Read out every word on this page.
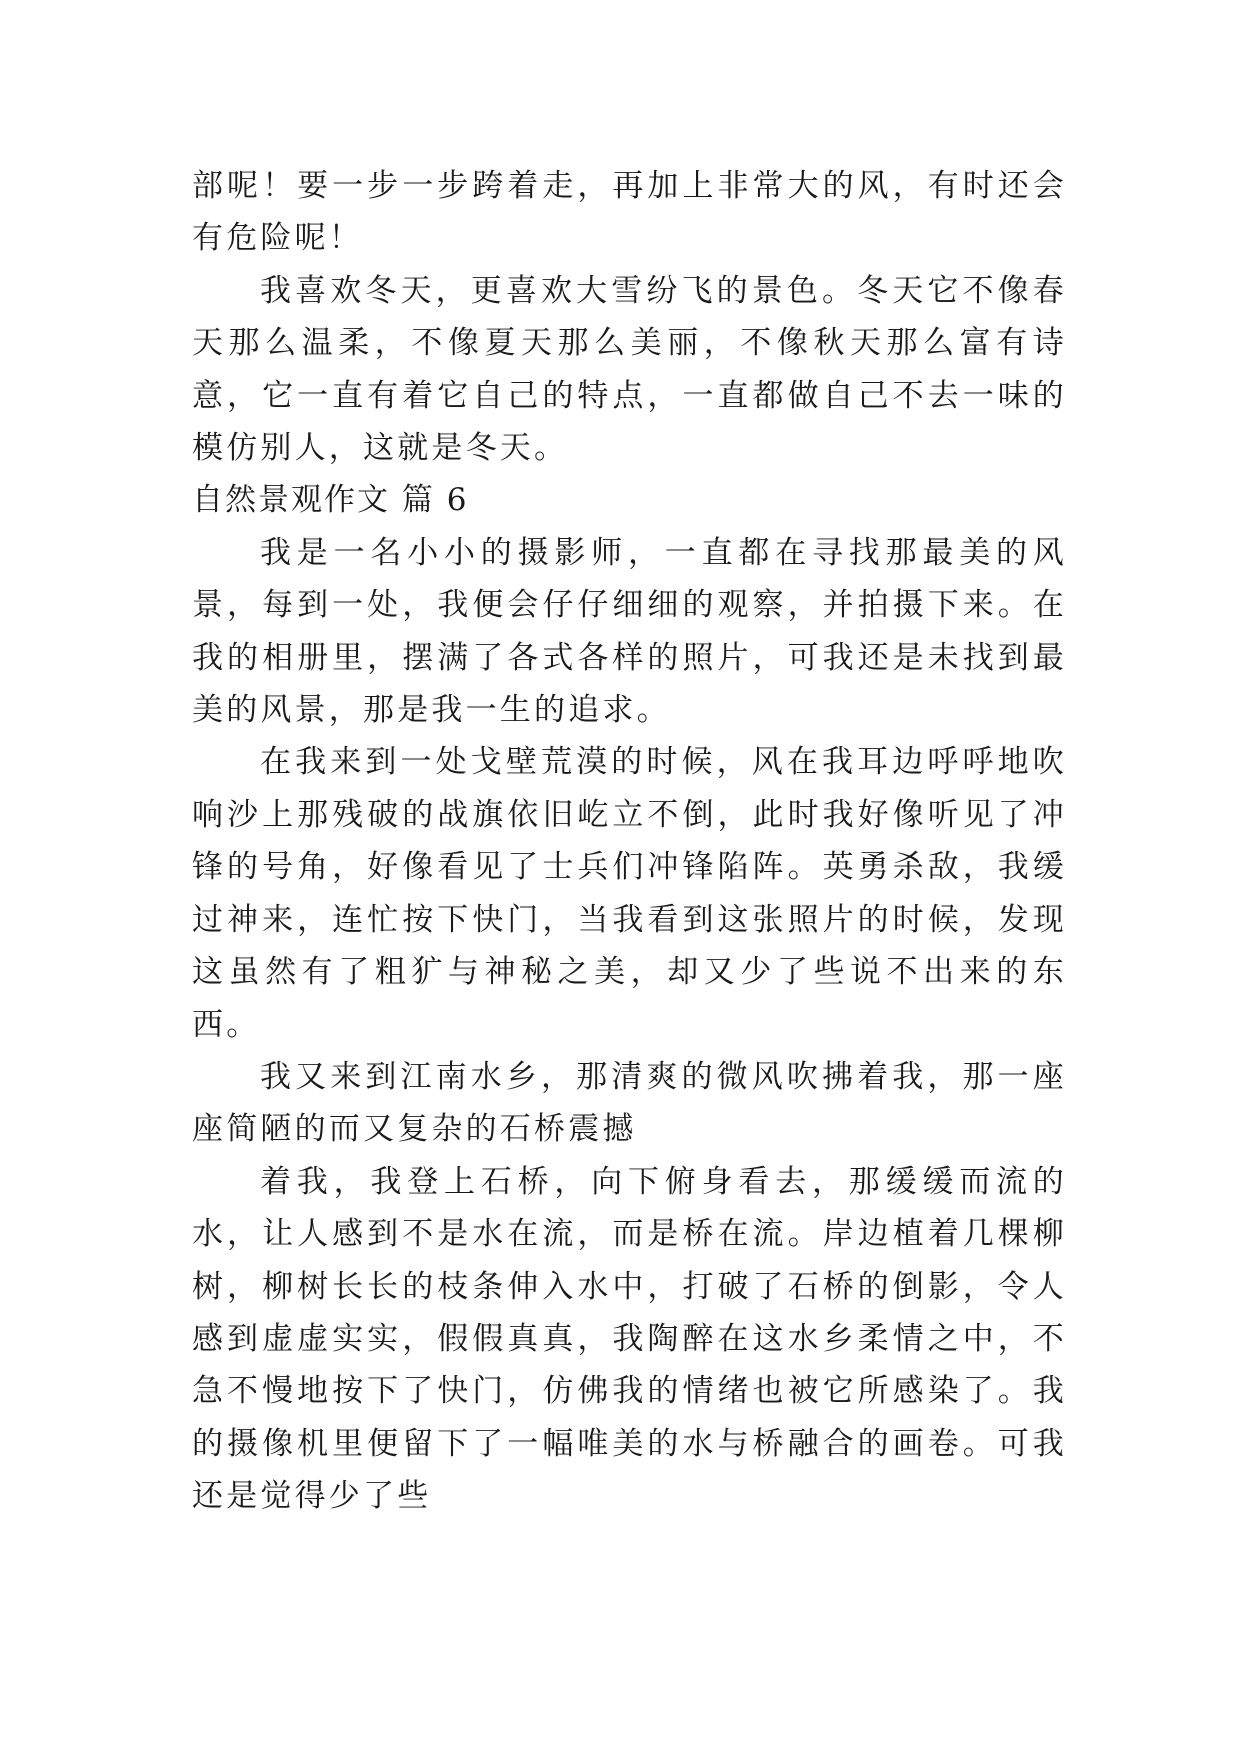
部呢！要一步一步跨着走，再加上非常大的风，有时还会有危险呢！

我喜欢冬天，更喜欢大雪纷飞的景色。冬天它不像春天那么温柔，不像夏天那么美丽，不像秋天那么富有诗意，它一直有着它自己的特点，一直都做自己不去一味的模仿别人，这就是冬天。

自然景观作文 篇 6

我是一名小小的摄影师，一直都在寻找那最美的风景，每到一处，我便会仔仔细细的观察，并拍摄下来。在我的相册里，摆满了各式各样的照片，可我还是未找到最美的风景，那是我一生的追求。

在我来到一处戈壁荒漠的时候，风在我耳边呼呼地吹响沙上那残破的战旗依旧屹立不倒，此时我好像听见了冲锋的号角，好像看见了士兵们冲锋陷阵。英勇杀敌，我缓过神来，连忙按下快门，当我看到这张照片的时候，发现这虽然有了粗犷与神秘之美，却又少了些说不出来的东西。

我又来到江南水乡，那清爽的微风吹拂着我，那一座座简陋的而又复杂的石桥震撼

着我，我登上石桥，向下俯身看去，那缓缓而流的水，让人感到不是水在流，而是桥在流。岸边植着几棵柳树，柳树长长的枝条伸入水中，打破了石桥的倒影，令人感到虚虚实实，假假真真，我陶醉在这水乡柔情之中，不急不慢地按下了快门，仿佛我的情绪也被它所感染了。我的摄像机里便留下了一幅唯美的水与桥融合的画卷。可我还是觉得少了些
